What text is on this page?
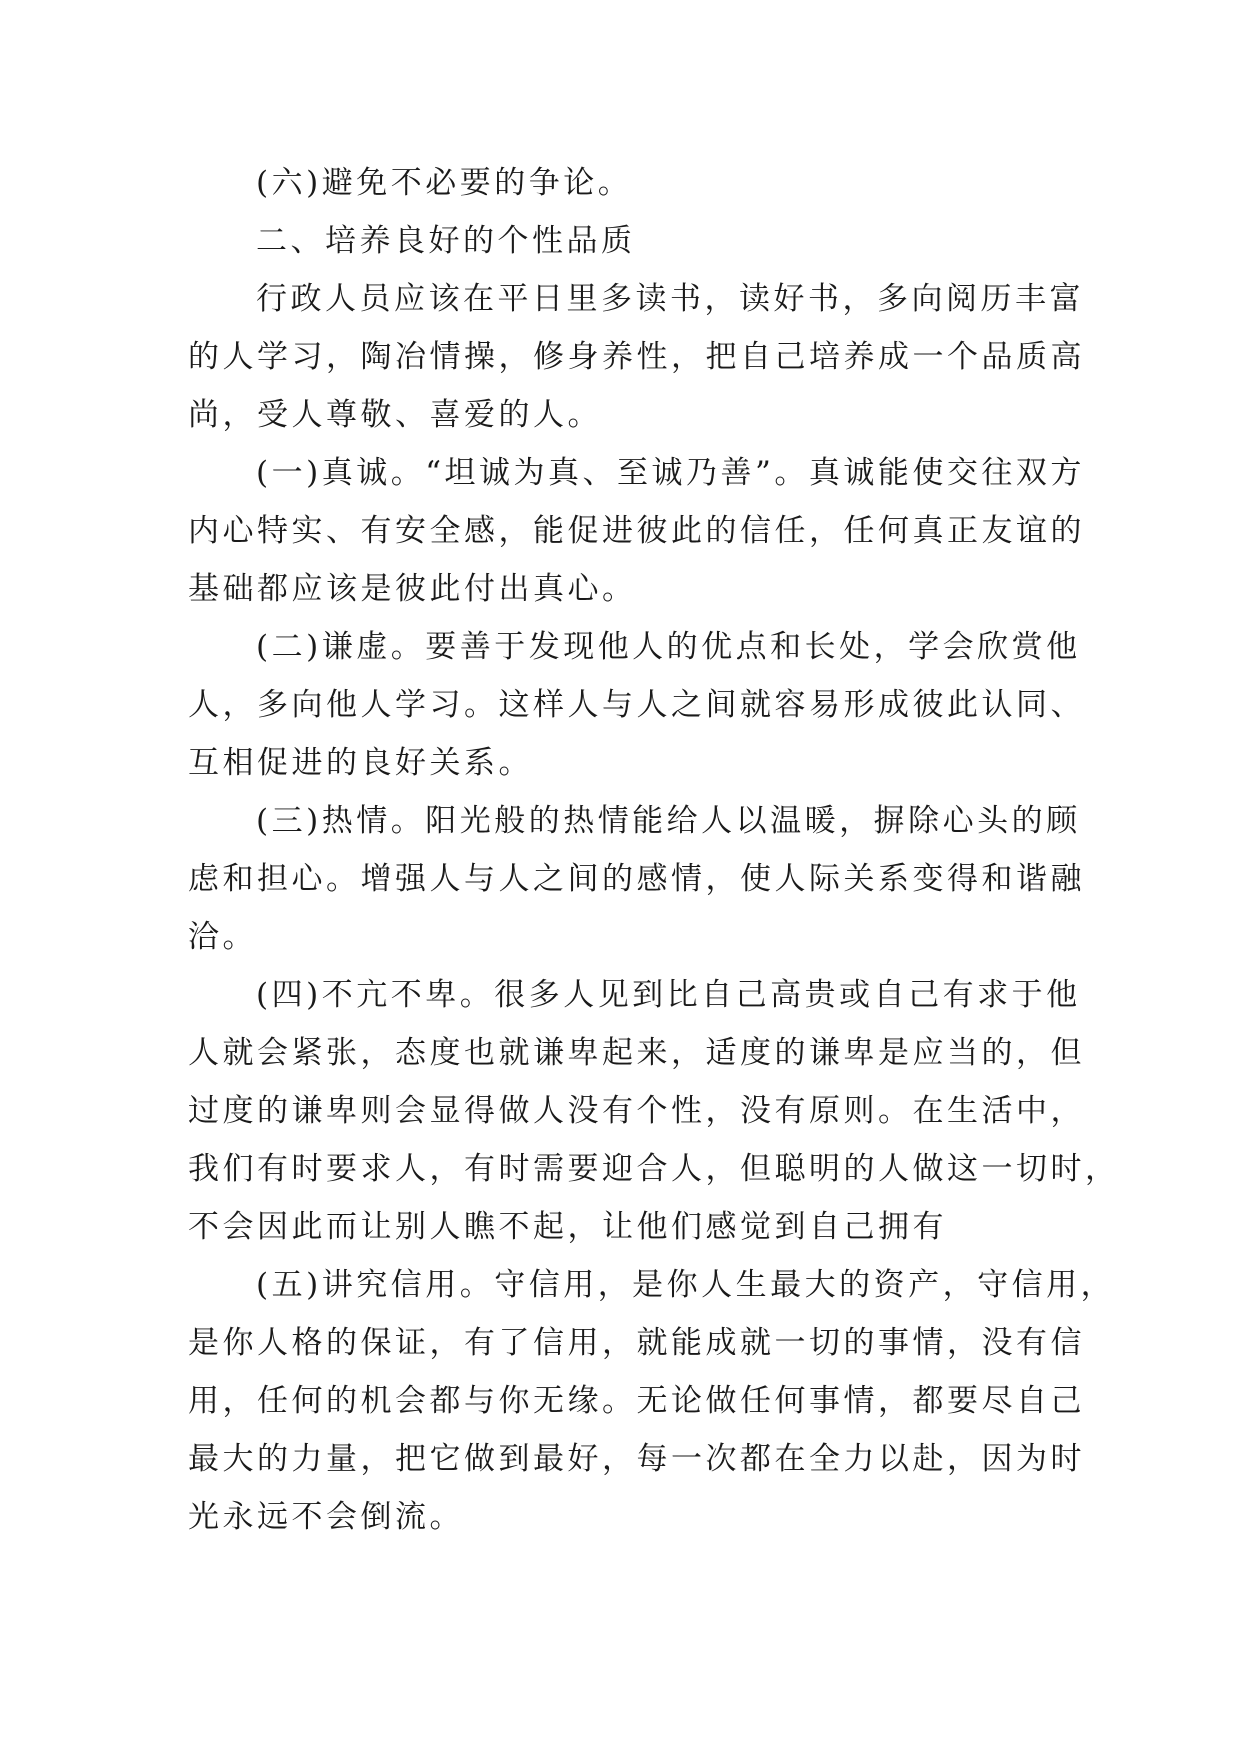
(六)避免不必要的争论。
二、培养良好的个性品质
行政人员应该在平日里多读书，读好书，多向阅历丰富
的人学习，陶冶情操，修身养性，把自己培养成一个品质高
尚，受人尊敬、喜爱的人。
(一)真诚。“坦诚为真、至诚乃善”。真诚能使交往双方
内心特实、有安全感，能促进彼此的信任，任何真正友谊的
基础都应该是彼此付出真心。
(二)谦虚。要善于发现他人的优点和长处，学会欣赏他
人，多向他人学习。这样人与人之间就容易形成彼此认同、
互相促进的良好关系。
(三)热情。阳光般的热情能给人以温暖，摒除心头的顾
虑和担心。增强人与人之间的感情，使人际关系变得和谐融
洽。
(四)不亢不卑。很多人见到比自己高贵或自己有求于他
人就会紧张，态度也就谦卑起来，适度的谦卑是应当的，但
过度的谦卑则会显得做人没有个性，没有原则。在生活中，
我们有时要求人，有时需要迎合人，但聪明的人做这一切时，
不会因此而让别人瞧不起，让他们感觉到自己拥有
(五)讲究信用。守信用，是你人生最大的资产，守信用，
是你人格的保证，有了信用，就能成就一切的事情，没有信
用，任何的机会都与你无缘。无论做任何事情，都要尽自己
最大的力量，把它做到最好，每一次都在全力以赴，因为时
光永远不会倒流。
